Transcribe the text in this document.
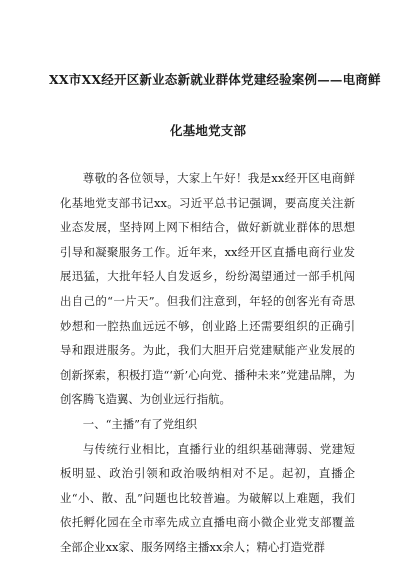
XX市XX经开区新业态新就业群体党建经验案例——电商鲜
化基地党支部

尊敬的各位领导，大家上午好！我是xx经开区电商鲜化基地党支部书记xx。习近平总书记强调，要高度关注新业态发展，坚持网上网下相结合，做好新就业群体的思想引导和凝聚服务工作。近年来，xx经开区直播电商行业发展迅猛，大批年轻人自发返乡，纷纷渴望通过一部手机闯出自己的“一片天”。但我们注意到，年轻的创客光有奇思妙想和一腔热血远远不够，创业路上还需要组织的正确引导和跟进服务。为此，我们大胆开启党建赋能产业发展的创新探索，积极打造“‘新’心向党、播种未来”党建品牌，为创客腾飞造翼、为创业远行指航。

一、“主播”有了党组织

与传统行业相比，直播行业的组织基础薄弱、党建短板明显、政治引领和政治吸纳相对不足。起初，直播企业“小、散、乱”问题也比较普遍。为破解以上难题，我们依托孵化园在全市率先成立直播电商小微企业党支部覆盖全部企业xx家、服务网络主播xx余人；精心打造党群
